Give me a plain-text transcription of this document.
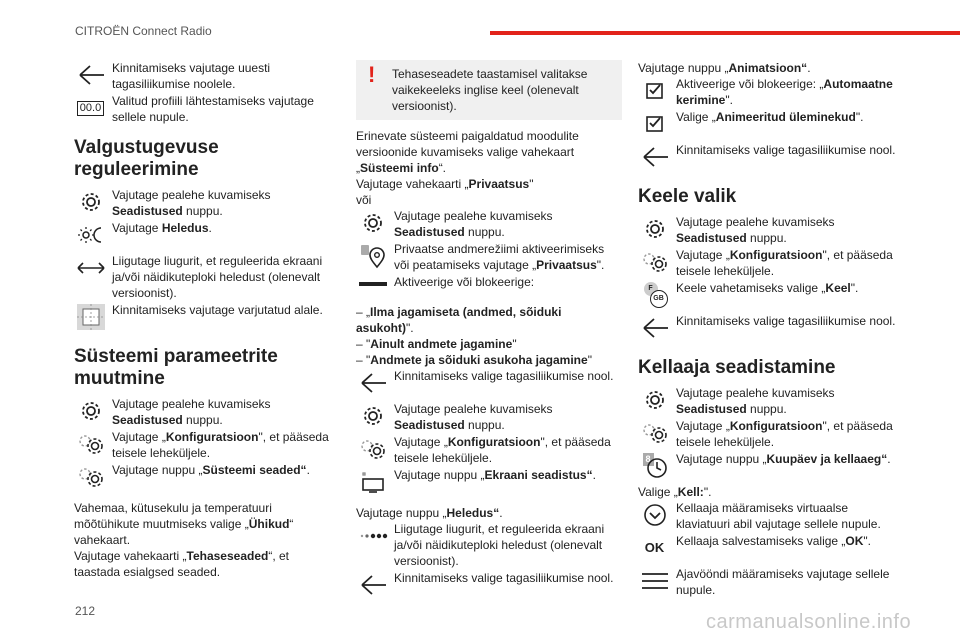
CITROËN Connect Radio
Kinnitamiseks vajutage uuesti tagasiliikumise noolele.
00.0 Valitud profiili lähtestamiseks vajutage sellele nupule.
Valgustugevuse reguleerimine
Vajutage pealehe kuvamiseks Seadistused nuppu.
Vajutage Heledus.
Liigutage liugurit, et reguleerida ekraani ja/või näidikuteploki heledust (olenevalt versioonist).
Kinnitamiseks vajutage varjutatud alale.
Süsteemi parameetrite muutmine
Vajutage pealehe kuvamiseks Seadistused nuppu.
Vajutage „Konfiguratsioon", et pääseda teisele leheküljele.
Vajutage nuppu „Süsteemi seaded“.

Vahemaa, kütusekulu ja temperatuuri mõõtühikute muutmiseks valige „Ühikud“ vahekaart.

Vajutage vahekaarti „Tehaseseaded“, et taastada esialgsed seaded.

! Tehaseseadete taastamisel valitakse vaikekeeleks inglise keel (olenevalt versioonist).

Erinevate süsteemi paigaldatud moodulite versioonide kuvamiseks valige vahekaart „Süsteemi info“.

Vajutage vahekaarti „Privaatsus"

või

Vajutage pealehe kuvamiseks Seadistused nuppu.
Privaatse andmerežiimi aktiveerimiseks või peatamiseks vajutage „Privaatsus".
Aktiveerige või blokeerige:

– „Ilma jagamiseta (andmed, sõiduki asukoht)".

– "Ainult andmete jagamine"

– "Andmete ja sõiduki asukoha jagamine"

Kinnitamiseks valige tagasiliikumise nool.
Vajutage pealehe kuvamiseks Seadistused nuppu.
Vajutage „Konfiguratsioon", et pääseda teisele leheküljele.
Vajutage nuppu „Ekraani seadistus“.

Vajutage nuppu „Heledus“.

Liigutage liugurit, et reguleerida ekraani ja/või näidikuteploki heledust (olenevalt versioonist).
Kinnitamiseks valige tagasiliikumise nool.

Vajutage nuppu „Animatsioon“.

Aktiveerige või blokeerige: „Automaatne kerimine".
Valige „Animeeritud üleminekud".
Kinnitamiseks valige tagasiliikumise nool.
Keele valik
Vajutage pealehe kuvamiseks Seadistused nuppu.
Vajutage „Konfiguratsioon", et pääseda teisele leheküljele.
F
GB
Keele vahetamiseks valige „Keel".
Kinnitamiseks valige tagasiliikumise nool.
Kellaaja seadistamine
Vajutage pealehe kuvamiseks Seadistused nuppu.
Vajutage „Konfiguratsioon", et pääseda teisele leheküljele.
8 Vajutage nuppu „Kuupäev ja kellaaeg“.

Valige „Kell:".

Kellaaja määramiseks virtuaalse klaviatuuri abil vajutage sellele nupule.
OK Kellaaja salvestamiseks valige „OK".
Ajavööndi määramiseks vajutage sellele nupule.
212	carmanualsonline.info
